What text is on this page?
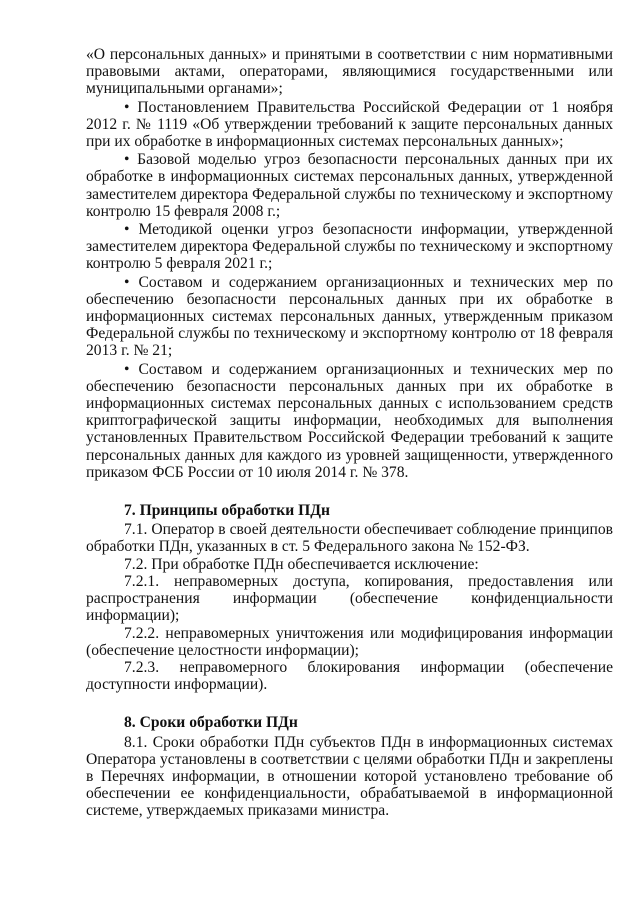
«О персональных данных» и принятыми в соответствии с ним нормативными правовыми актами, операторами, являющимися государственными или муниципальными органами»;

• Постановлением Правительства Российской Федерации от 1 ноября 2012 г. № 1119 «Об утверждении требований к защите персональных данных при их обработке в информационных системах персональных данных»;

• Базовой моделью угроз безопасности персональных данных при их обработке в информационных системах персональных данных, утвержденной заместителем директора Федеральной службы по техническому и экспортному контролю 15 февраля 2008 г.;

• Методикой оценки угроз безопасности информации, утвержденной заместителем директора Федеральной службы по техническому и экспортному контролю 5 февраля 2021 г.;

• Составом и содержанием организационных и технических мер по обеспечению безопасности персональных данных при их обработке в информационных системах персональных данных, утвержденным приказом Федеральной службы по техническому и экспортному контролю от 18 февраля 2013 г. № 21;

• Составом и содержанием организационных и технических мер по обеспечению безопасности персональных данных при их обработке в информационных системах персональных данных с использованием средств криптографической защиты информации, необходимых для выполнения установленных Правительством Российской Федерации требований к защите персональных данных для каждого из уровней защищенности, утвержденного приказом ФСБ России от 10 июля 2014 г. № 378.

7. Принципы обработки ПДн

7.1. Оператор в своей деятельности обеспечивает соблюдение принципов обработки ПДн, указанных в ст. 5 Федерального закона № 152-ФЗ.

7.2. При обработке ПДн обеспечивается исключение:

7.2.1. неправомерных доступа, копирования, предоставления или распространения информации (обеспечение конфиденциальности информации);

7.2.2. неправомерных уничтожения или модифицирования информации (обеспечение целостности информации);

7.2.3. неправомерного блокирования информации (обеспечение доступности информации).

8. Сроки обработки ПДн

8.1. Сроки обработки ПДн субъектов ПДн в информационных системах Оператора установлены в соответствии с целями обработки ПДн и закреплены в Перечнях информации, в отношении которой установлено требование об обеспечении ее конфиденциальности, обрабатываемой в информационной системе, утверждаемых приказами министра.
